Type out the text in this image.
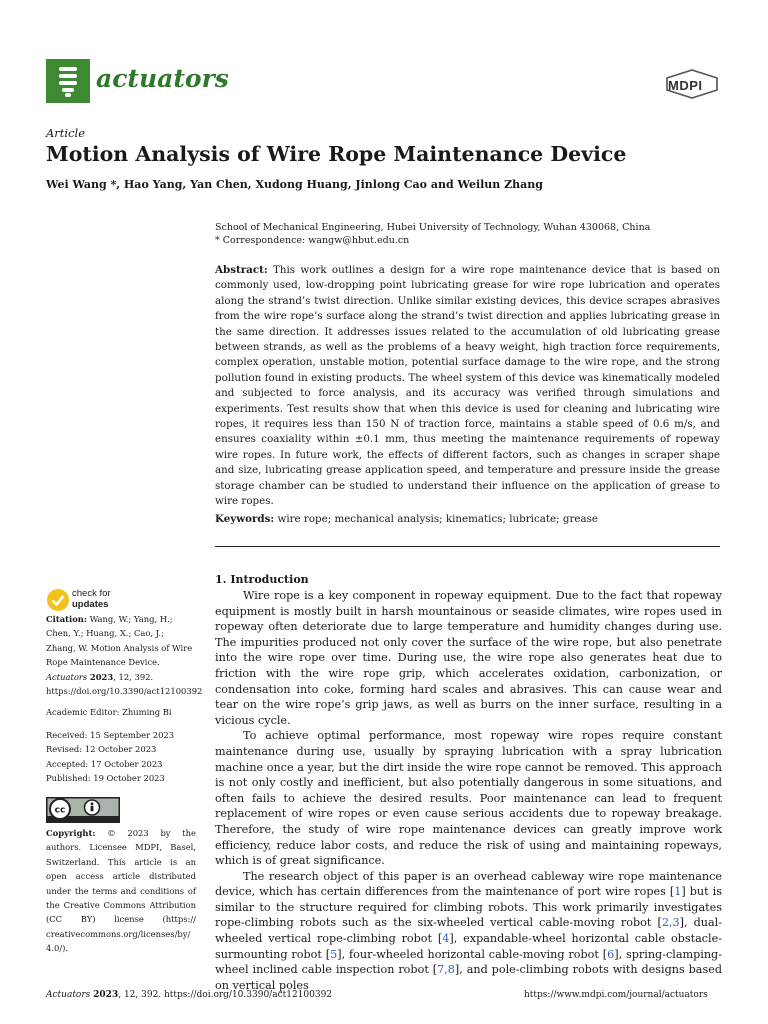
actuators	MDPI
Article
Motion Analysis of Wire Rope Maintenance Device
Wei Wang *, Hao Yang, Yan Chen, Xudong Huang, Jinlong Cao and Weilun Zhang
School of Mechanical Engineering, Hubei University of Technology, Wuhan 430068, China
* Correspondence: wangw@hbut.edu.cn
Abstract: This work outlines a design for a wire rope maintenance device that is based on commonly used, low-dropping point lubricating grease for wire rope lubrication and operates along the strand’s twist direction. Unlike similar existing devices, this device scrapes abrasives from the wire rope’s surface along the strand’s twist direction and applies lubricating grease in the same direction. It addresses issues related to the accumulation of old lubricating grease between strands, as well as the problems of a heavy weight, high traction force requirements, complex operation, unstable motion, potential surface damage to the wire rope, and the strong pollution found in existing products. The wheel system of this device was kinematically modeled and subjected to force analysis, and its accuracy was verified through simulations and experiments. Test results show that when this device is used for cleaning and lubricating wire ropes, it requires less than 150 N of traction force, maintains a stable speed of 0.6 m/s, and ensures coaxiality within ±0.1 mm, thus meeting the maintenance requirements of ropeway wire ropes. In future work, the effects of different factors, such as changes in scraper shape and size, lubricating grease application speed, and temperature and pressure inside the grease storage chamber can be studied to understand their influence on the application of grease to wire ropes.
Keywords: wire rope; mechanical analysis; kinematics; lubricate; grease
check for
updates
Citation: Wang, W.; Yang, H.; Chen, Y.; Huang, X.; Cao, J.; Zhang, W. Motion Analysis of Wire Rope Maintenance Device. Actuators 2023, 12, 392. https://doi.org/10.3390/act12100392
Academic Editor: Zhuming Bi
Received: 15 September 2023
Revised: 12 October 2023
Accepted: 17 October 2023
Published: 19 October 2023
cc
Copyright: © 2023 by the authors. Licensee MDPI, Basel, Switzerland. This article is an open access article distributed under the terms and conditions of the Creative Commons Attribution (CC BY) license (https:// creativecommons.org/licenses/by/ 4.0/).
1. Introduction

Wire rope is a key component in ropeway equipment. Due to the fact that ropeway equipment is mostly built in harsh mountainous or seaside climates, wire ropes used in ropeway often deteriorate due to large temperature and humidity changes during use. The impurities produced not only cover the surface of the wire rope, but also penetrate into the wire rope over time. During use, the wire rope also generates heat due to friction with the wire rope grip, which accelerates oxidation, carbonization, or condensation into coke, forming hard scales and abrasives. This can cause wear and tear on the wire rope’s grip jaws, as well as burrs on the inner surface, resulting in a vicious cycle.

To achieve optimal performance, most ropeway wire ropes require constant maintenance during use, usually by spraying lubrication with a spray lubrication machine once a year, but the dirt inside the wire rope cannot be removed. This approach is not only costly and inefficient, but also potentially dangerous in some situations, and often fails to achieve the desired results. Poor maintenance can lead to frequent replacement of wire ropes or even cause serious accidents due to ropeway breakage. Therefore, the study of wire rope maintenance devices can greatly improve work efficiency, reduce labor costs, and reduce the risk of using and maintaining ropeways, which is of great significance.

The research object of this paper is an overhead cableway wire rope maintenance device, which has certain differences from the maintenance of port wire ropes [1] but is similar to the structure required for climbing robots. This work primarily investigates rope-climbing robots such as the six-wheeled vertical cable-moving robot [2,3], dual-wheeled vertical rope-climbing robot [4], expandable-wheel horizontal cable obstacle-surmounting robot [5], four-wheeled horizontal cable-moving robot [6], spring-clamping-wheel inclined cable inspection robot [7,8], and pole-climbing robots with designs based on vertical poles

Actuators 2023, 12, 392. https://doi.org/10.3390/act12100392	https://www.mdpi.com/journal/actuators
